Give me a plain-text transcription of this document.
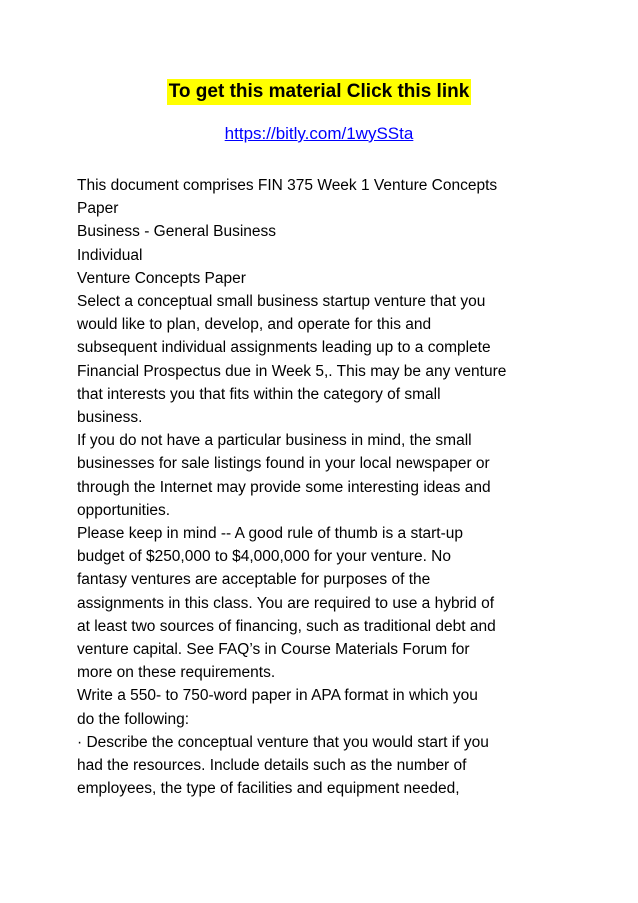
To get this material Click this link
https://bitly.com/1wySSta
This document comprises FIN 375 Week 1 Venture Concepts
Paper
Business - General Business
Individual
Venture Concepts Paper
Select a conceptual small business startup venture that you
would like to plan, develop, and operate for this and
subsequent individual assignments leading up to a complete
Financial Prospectus due in Week 5,. This may be any venture
that interests you that fits within the category of small
business.
If you do not have a particular business in mind, the small
businesses for sale listings found in your local newspaper or
through the Internet may provide some interesting ideas and
opportunities.
Please keep in mind -- A good rule of thumb is a start-up
budget of $250,000 to $4,000,000 for your venture. No
fantasy ventures are acceptable for purposes of the
assignments in this class. You are required to use a hybrid of
at least two sources of financing, such as traditional debt and
venture capital. See FAQ’s in Course Materials Forum for
more on these requirements.
Write a 550- to 750-word paper in APA format in which you
do the following:
· Describe the conceptual venture that you would start if you
had the resources. Include details such as the number of
employees, the type of facilities and equipment needed,
